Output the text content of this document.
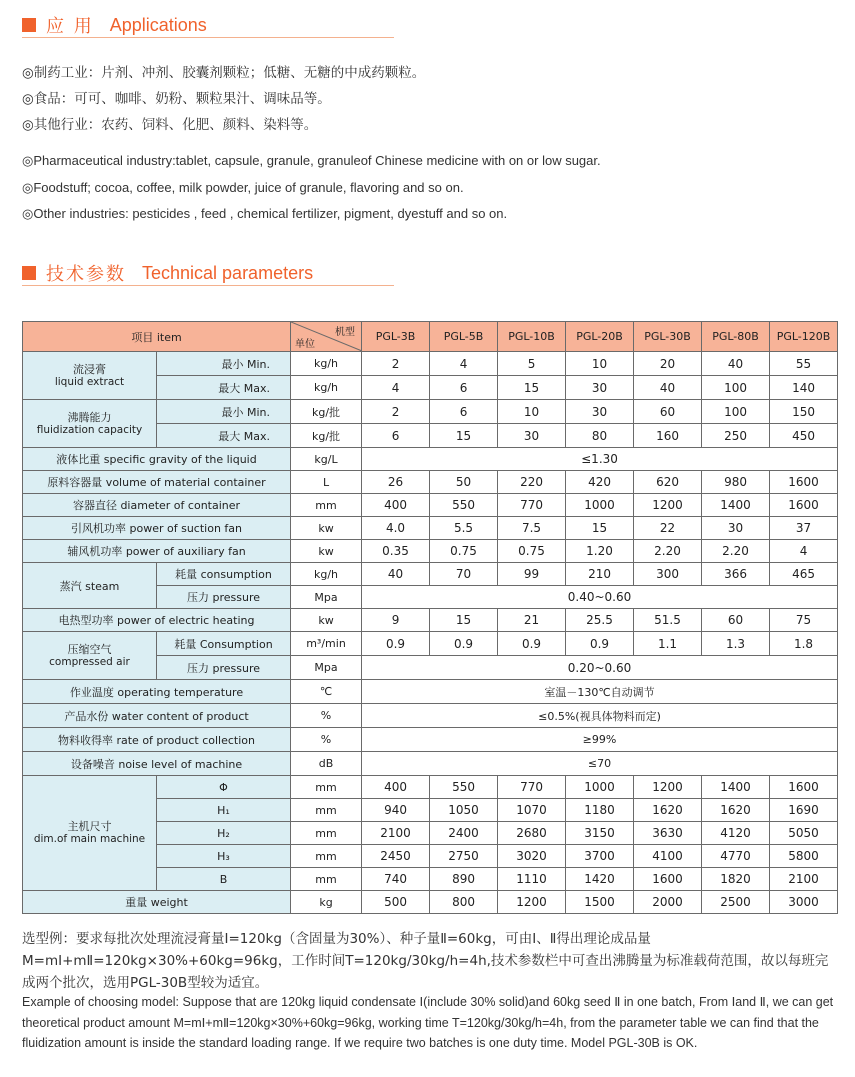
应 用 Applications
◎制药工业：片剂、冲剂、胶囊剂颗粒；低糖、无糖的中成药颗粒。
◎食品：可可、咖啡、奶粉、颗粒果汁、调味品等。
◎其他行业：农药、饲料、化肥、颜料、染料等。
◎Pharmaceutical industry:tablet, capsule, granule, granuleof Chinese medicine with on or low sugar.
◎Foodstuff; cocoa, coffee, milk powder, juice of granule, flavoring and so on.
◎Other industries: pesticides , feed , chemical fertilizer, pigment, dyestuff and so on.
技术参数 Technical parameters
项目 item		机型
单位	PGL-3B	PGL-5B	PGL-10B	PGL-20B	PGL-30B	PGL-80B	PGL-120B

流浸膏
liquid extract	最小 Min.	kg/h	2	4	5	10	20	40	55
	最大 Max.	kg/h	4	6	15	30	40	100	140

沸腾能力
fluidization capacity	最小 Min.	kg/批	2	6	10	30	60	100	150
	最大 Max.	kg/批	6	15	30	80	160	250	450
液体比重 specific gravity of the liquid		kg/L	≤1.30						
原料容器量 volume of material container		L	26	50	220	420	620	980	1600
容器直径 diameter of container		mm	400	550	770	1000	1200	1400	1600
引风机功率 power of suction fan		kw	4.0	5.5	7.5	15	22	30	37
辅风机功率 power of auxiliary fan		kw	0.35	0.75	0.75	1.20	2.20	2.20	4
蒸汽 steam	耗量 consumption	kg/h	40	70	99	210	300	366	465
	压力 pressure	Mpa	0.40~0.60						
电热型功率 power of electric heating		kw	9	15	21	25.5	51.5	60	75

压缩空气
compressed air	耗量 Consumption	m³/min	0.9	0.9	0.9	0.9	1.1	1.3	1.8
	压力 pressure	Mpa	0.20~0.60						
作业温度 operating temperature		℃	室温－130℃自动调节						
产品水份 water content of product		%	≤0.5%(视具体物料而定)						
物料收得率 rate of product collection		%	≥99%						
设备噪音 noise level of machine		dB	≤70						

主机尺寸
dim.of main machine	Φ	mm	400	550	770	1000	1200	1400	1600
	H₁	mm	940	1050	1070	1180	1620	1620	1690
	H₂	mm	2100	2400	2680	3150	3630	4120	5050
	H₃	mm	2450	2750	3020	3700	4100	4770	5800
	B	mm	740	890	1110	1420	1600	1820	2100
重量 weight		kg	500	800	1200	1500	2000	2500	3000

选型例：要求每批次处理流浸膏量Ⅰ=120kg（含固量为30%）、种子量Ⅱ=60kg，可由Ⅰ、Ⅱ得出理论成品量M=mⅠ+mⅡ=120kg×30%+60kg=96kg，工作时间T=120kg/30kg/h=4h,技术参数栏中可查出沸腾量为标准载荷范围，故以每班完成两个批次，选用PGL-30B型较为适宜。

Example of choosing model: Suppose that are 120kg liquid condensate Ⅰ(include 30% solid)and 60kg seed Ⅱ in one batch, From Ⅰand Ⅱ, we can get theoretical product amount M=mⅠ+mⅡ=120kg×30%+60kg=96kg, working time T=120kg/30kg/h=4h, from the parameter table we can find that the fluidization amount is inside the standard loading range. If we require two batches is one duty time. Model PGL-30B is OK.
